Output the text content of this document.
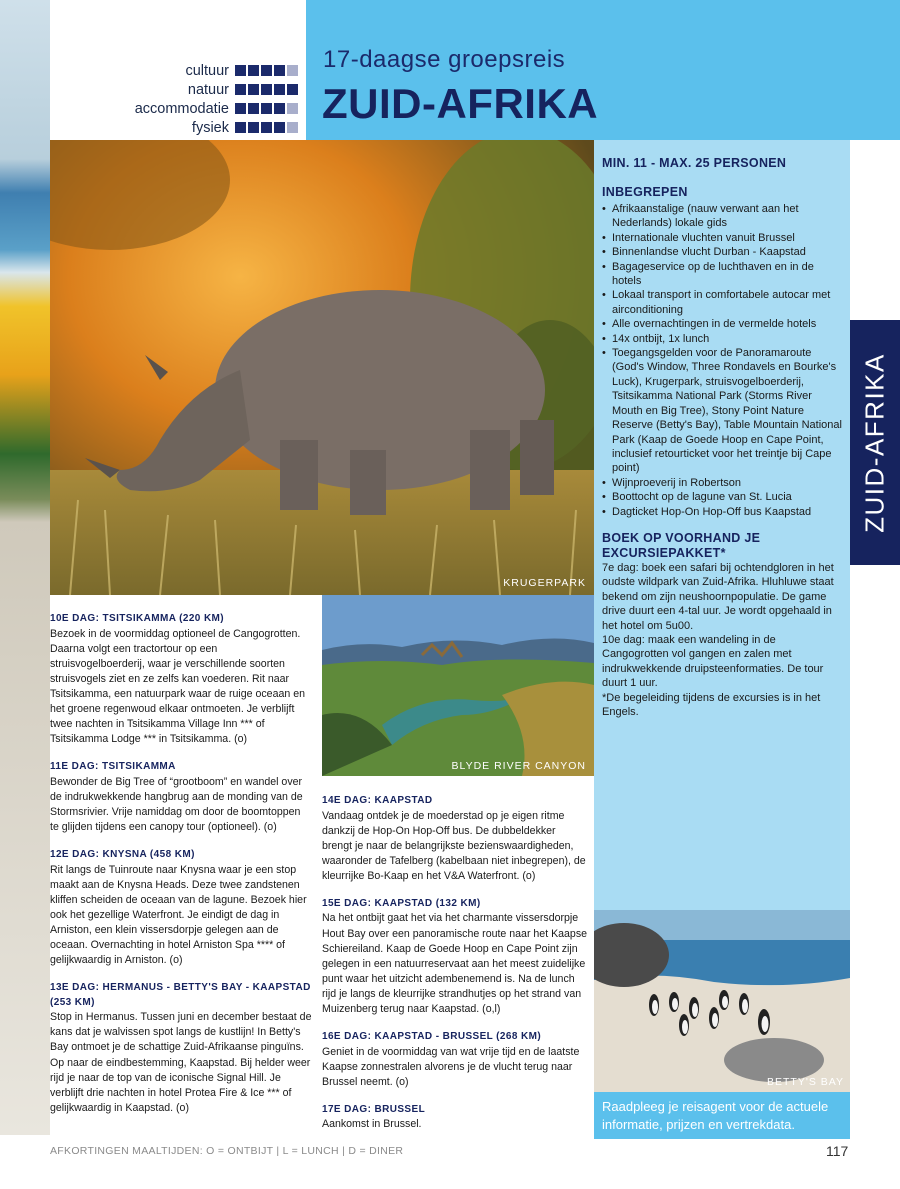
cultuur
natuur
accommodatie
fysiek
17-daagse groepsreis
ZUID-AFRIKA
KRUGERPARK
BLYDE RIVER CANYON
MIN. 11 - MAX. 25 PERSONEN
INBEGREPEN
• Afrikaanstalige (nauw verwant aan het Nederlands) lokale gids
• Internationale vluchten vanuit Brussel
• Binnenlandse vlucht Durban - Kaapstad
• Bagageservice op de luchthaven en in de hotels
• Lokaal transport in comfortabele autocar met airconditioning
• Alle overnachtingen in de vermelde hotels
• 14x ontbijt, 1x lunch
• Toegangsgelden voor de Panoramaroute (God's Window, Three Rondavels en Bourke's Luck), Krugerpark, struisvogelboerderij, Tsitsikamma National Park (Storms River Mouth en Big Tree), Stony Point Nature Reserve (Betty's Bay), Table Mountain National Park (Kaap de Goede Hoop en Cape Point, inclusief retourticket voor het treintje bij Cape point)
• Wijnproeverij in Robertson
• Boottocht op de lagune van St. Lucia
• Dagticket Hop-On Hop-Off bus Kaapstad
BOEK OP VOORHAND JE EXCURSIEPAKKET*
7e dag: boek een safari bij ochtendgloren in het oudste wildpark van Zuid-Afrika. Hluhluwe staat bekend om zijn neushoornpopulatie. De game drive duurt een 4-tal uur. Je wordt opgehaald in het hotel om 5u00.
10e dag: maak een wandeling in de Cangogrotten vol gangen en zalen met indrukwekkende druipsteenformaties. De tour duurt 1 uur.
*De begeleiding tijdens de excursies is in het Engels.
ZUID-AFRIKA
BETTY'S BAY
Raadpleeg je reisagent voor de actuele informatie, prijzen en vertrekdata.
10E DAG: TSITSIKAMMA (220 KM)
Bezoek in de voormiddag optioneel de Cangogrotten. Daarna volgt een tractortour op een struisvogelboerderij, waar je verschillende soorten struisvogels ziet en ze zelfs kan voederen. Rit naar Tsitsikamma, een natuurpark waar de ruige oceaan en het groene regenwoud elkaar ontmoeten. Je verblijft twee nachten in Tsitsikamma Village Inn *** of Tsitsikamma Lodge *** in Tsitsikamma. (o)
11E DAG: TSITSIKAMMA
Bewonder de Big Tree of “grootboom” en wandel over de indrukwekkende hangbrug aan de monding van de Stormsrivier. Vrije namiddag om door de boomtoppen te glijden tijdens een canopy tour (optioneel). (o)
12E DAG: KNYSNA (458 KM)
Rit langs de Tuinroute naar Knysna waar je een stop maakt aan de Knysna Heads. Deze twee zandstenen kliffen scheiden de oceaan van de lagune. Bezoek hier ook het gezellige Waterfront. Je eindigt de dag in Arniston, een klein vissersdorpje gelegen aan de oceaan. Overnachting in hotel Arniston Spa **** of gelijkwaardig in Arniston. (o)
13E DAG: HERMANUS - BETTY'S BAY - KAAPSTAD (253 KM)
Stop in Hermanus. Tussen juni en december bestaat de kans dat je walvissen spot langs de kustlijn! In Betty's Bay ontmoet je de schattige Zuid-Afrikaanse pinguïns. Op naar de eindbestemming, Kaapstad. Bij helder weer rijd je naar de top van de iconische Signal Hill. Je verblijft drie nachten in hotel Protea Fire & Ice *** of gelijkwaardig in Kaapstad. (o)
14E DAG: KAAPSTAD
Vandaag ontdek je de moederstad op je eigen ritme dankzij de Hop-On Hop-Off bus. De dubbeldekker brengt je naar de belangrijkste bezienswaardigheden, waaronder de Tafelberg (kabelbaan niet inbegrepen), de kleurrijke Bo-Kaap en het V&A Waterfront. (o)
15E DAG: KAAPSTAD (132 KM)
Na het ontbijt gaat het via het charmante vissersdorpje Hout Bay over een panoramische route naar het Kaapse Schiereiland. Kaap de Goede Hoop en Cape Point zijn gelegen in een natuurreservaat aan het meest zuidelijke punt waar het uitzicht adembenemend is. Na de lunch rijd je langs de kleurrijke strandhutjes op het strand van Muizenberg terug naar Kaapstad. (o,l)
16E DAG: KAAPSTAD - BRUSSEL (268 KM)
Geniet in de voormiddag van wat vrije tijd en de laatste Kaapse zonnestralen alvorens je de vlucht terug naar Brussel neemt. (o)
17E DAG: BRUSSEL
Aankomst in Brussel.
AFKORTINGEN MAALTIJDEN: O = ONTBIJT | L = LUNCH | D = DINER	117
